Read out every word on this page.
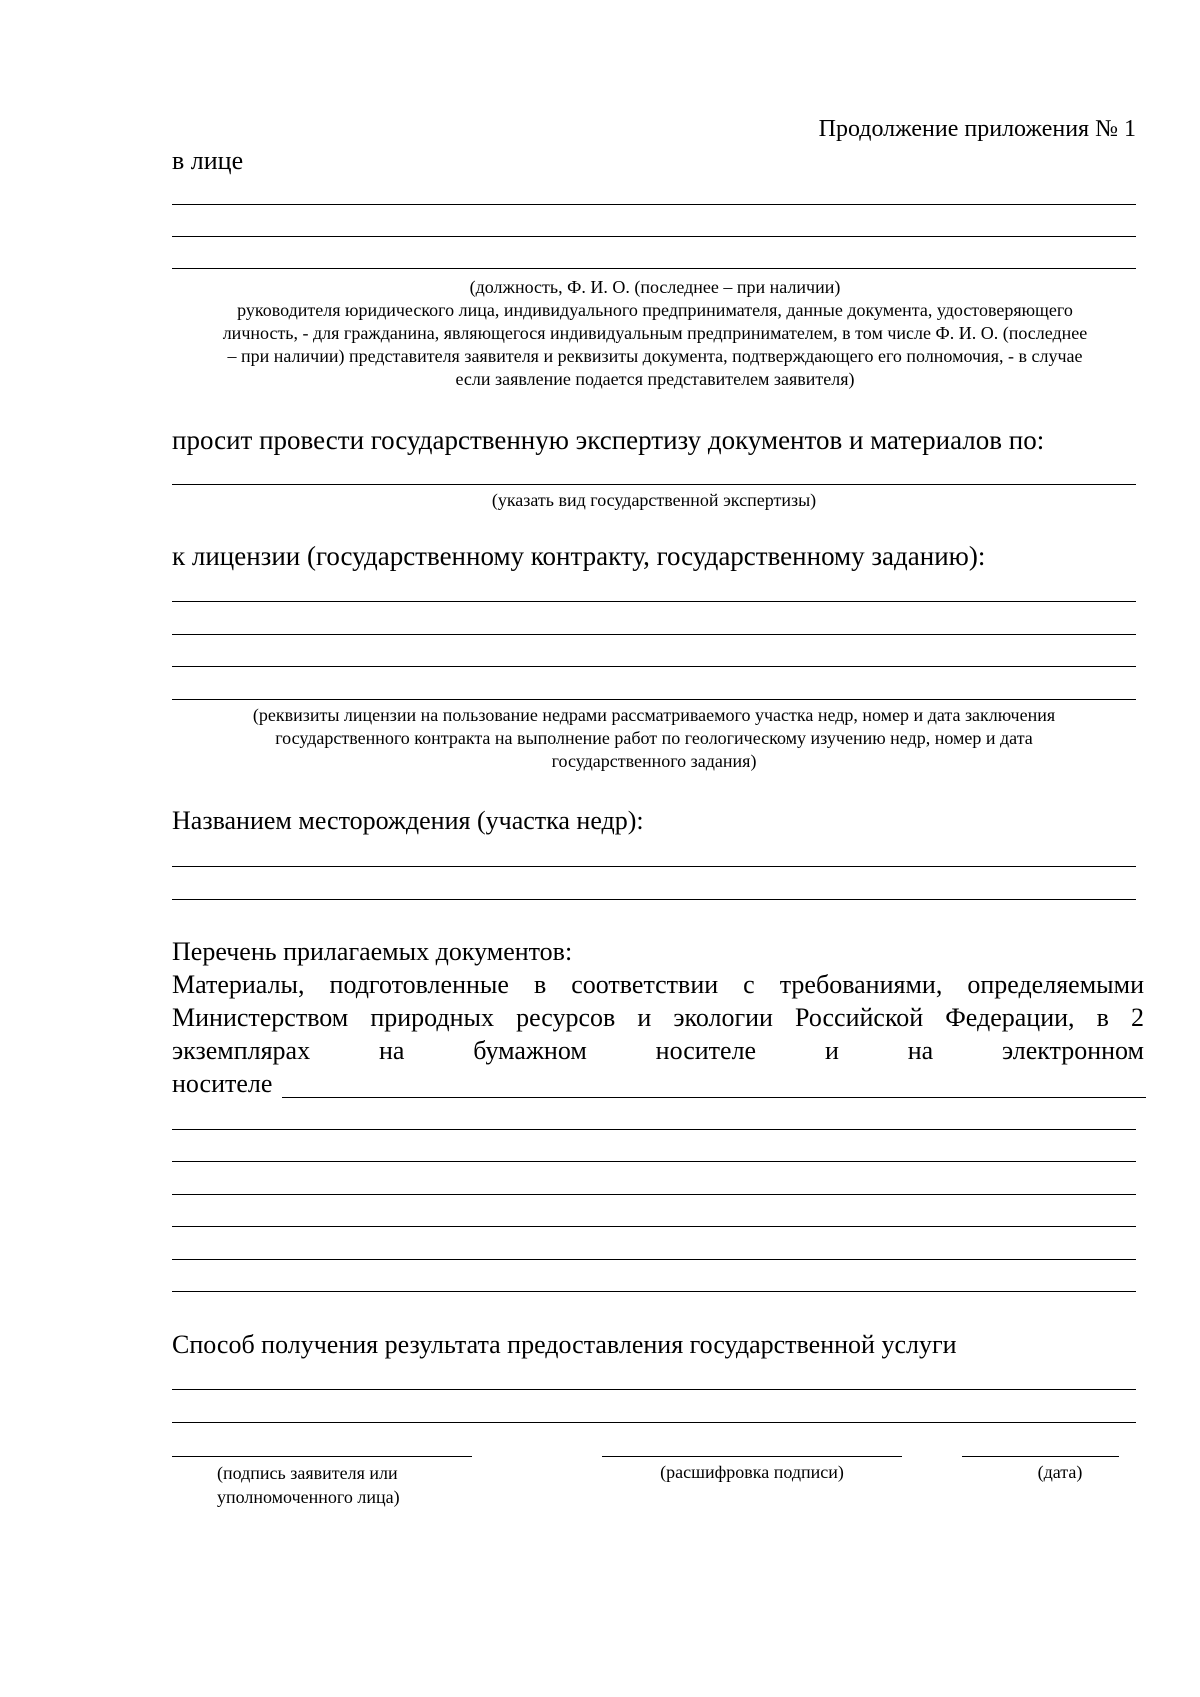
Продолжение приложения № 1
в лице
(должность, Ф. И. О. (последнее – при наличии)
руководителя юридического лица, индивидуального предпринимателя, данные документа, удостоверяющего
личность, - для гражданина, являющегося индивидуальным предпринимателем, в том числе Ф. И. О. (последнее
– при наличии) представителя заявителя и реквизиты документа, подтверждающего его полномочия, - в случае
если заявление подается представителем заявителя)
просит провести государственную экспертизу документов и материалов по:
(указать вид государственной экспертизы)
к лицензии (государственному контракту, государственному заданию):
(реквизиты лицензии на пользование недрами рассматриваемого участка недр, номер и дата заключения
государственного контракта на выполнение работ по геологическому изучению недр, номер и дата
государственного задания)
Названием месторождения (участка недр):
Перечень прилагаемых документов:
Материалы, подготовленные в соответствии с требованиями, определяемыми
Министерством природных ресурсов и экологии Российской Федерации, в 2
экземплярах на бумажном носителе и на электронном
носителе
Способ получения результата предоставления государственной услуги
(подпись заявителя или
уполномоченного лица)
(расшифровка подписи)	(дата)
